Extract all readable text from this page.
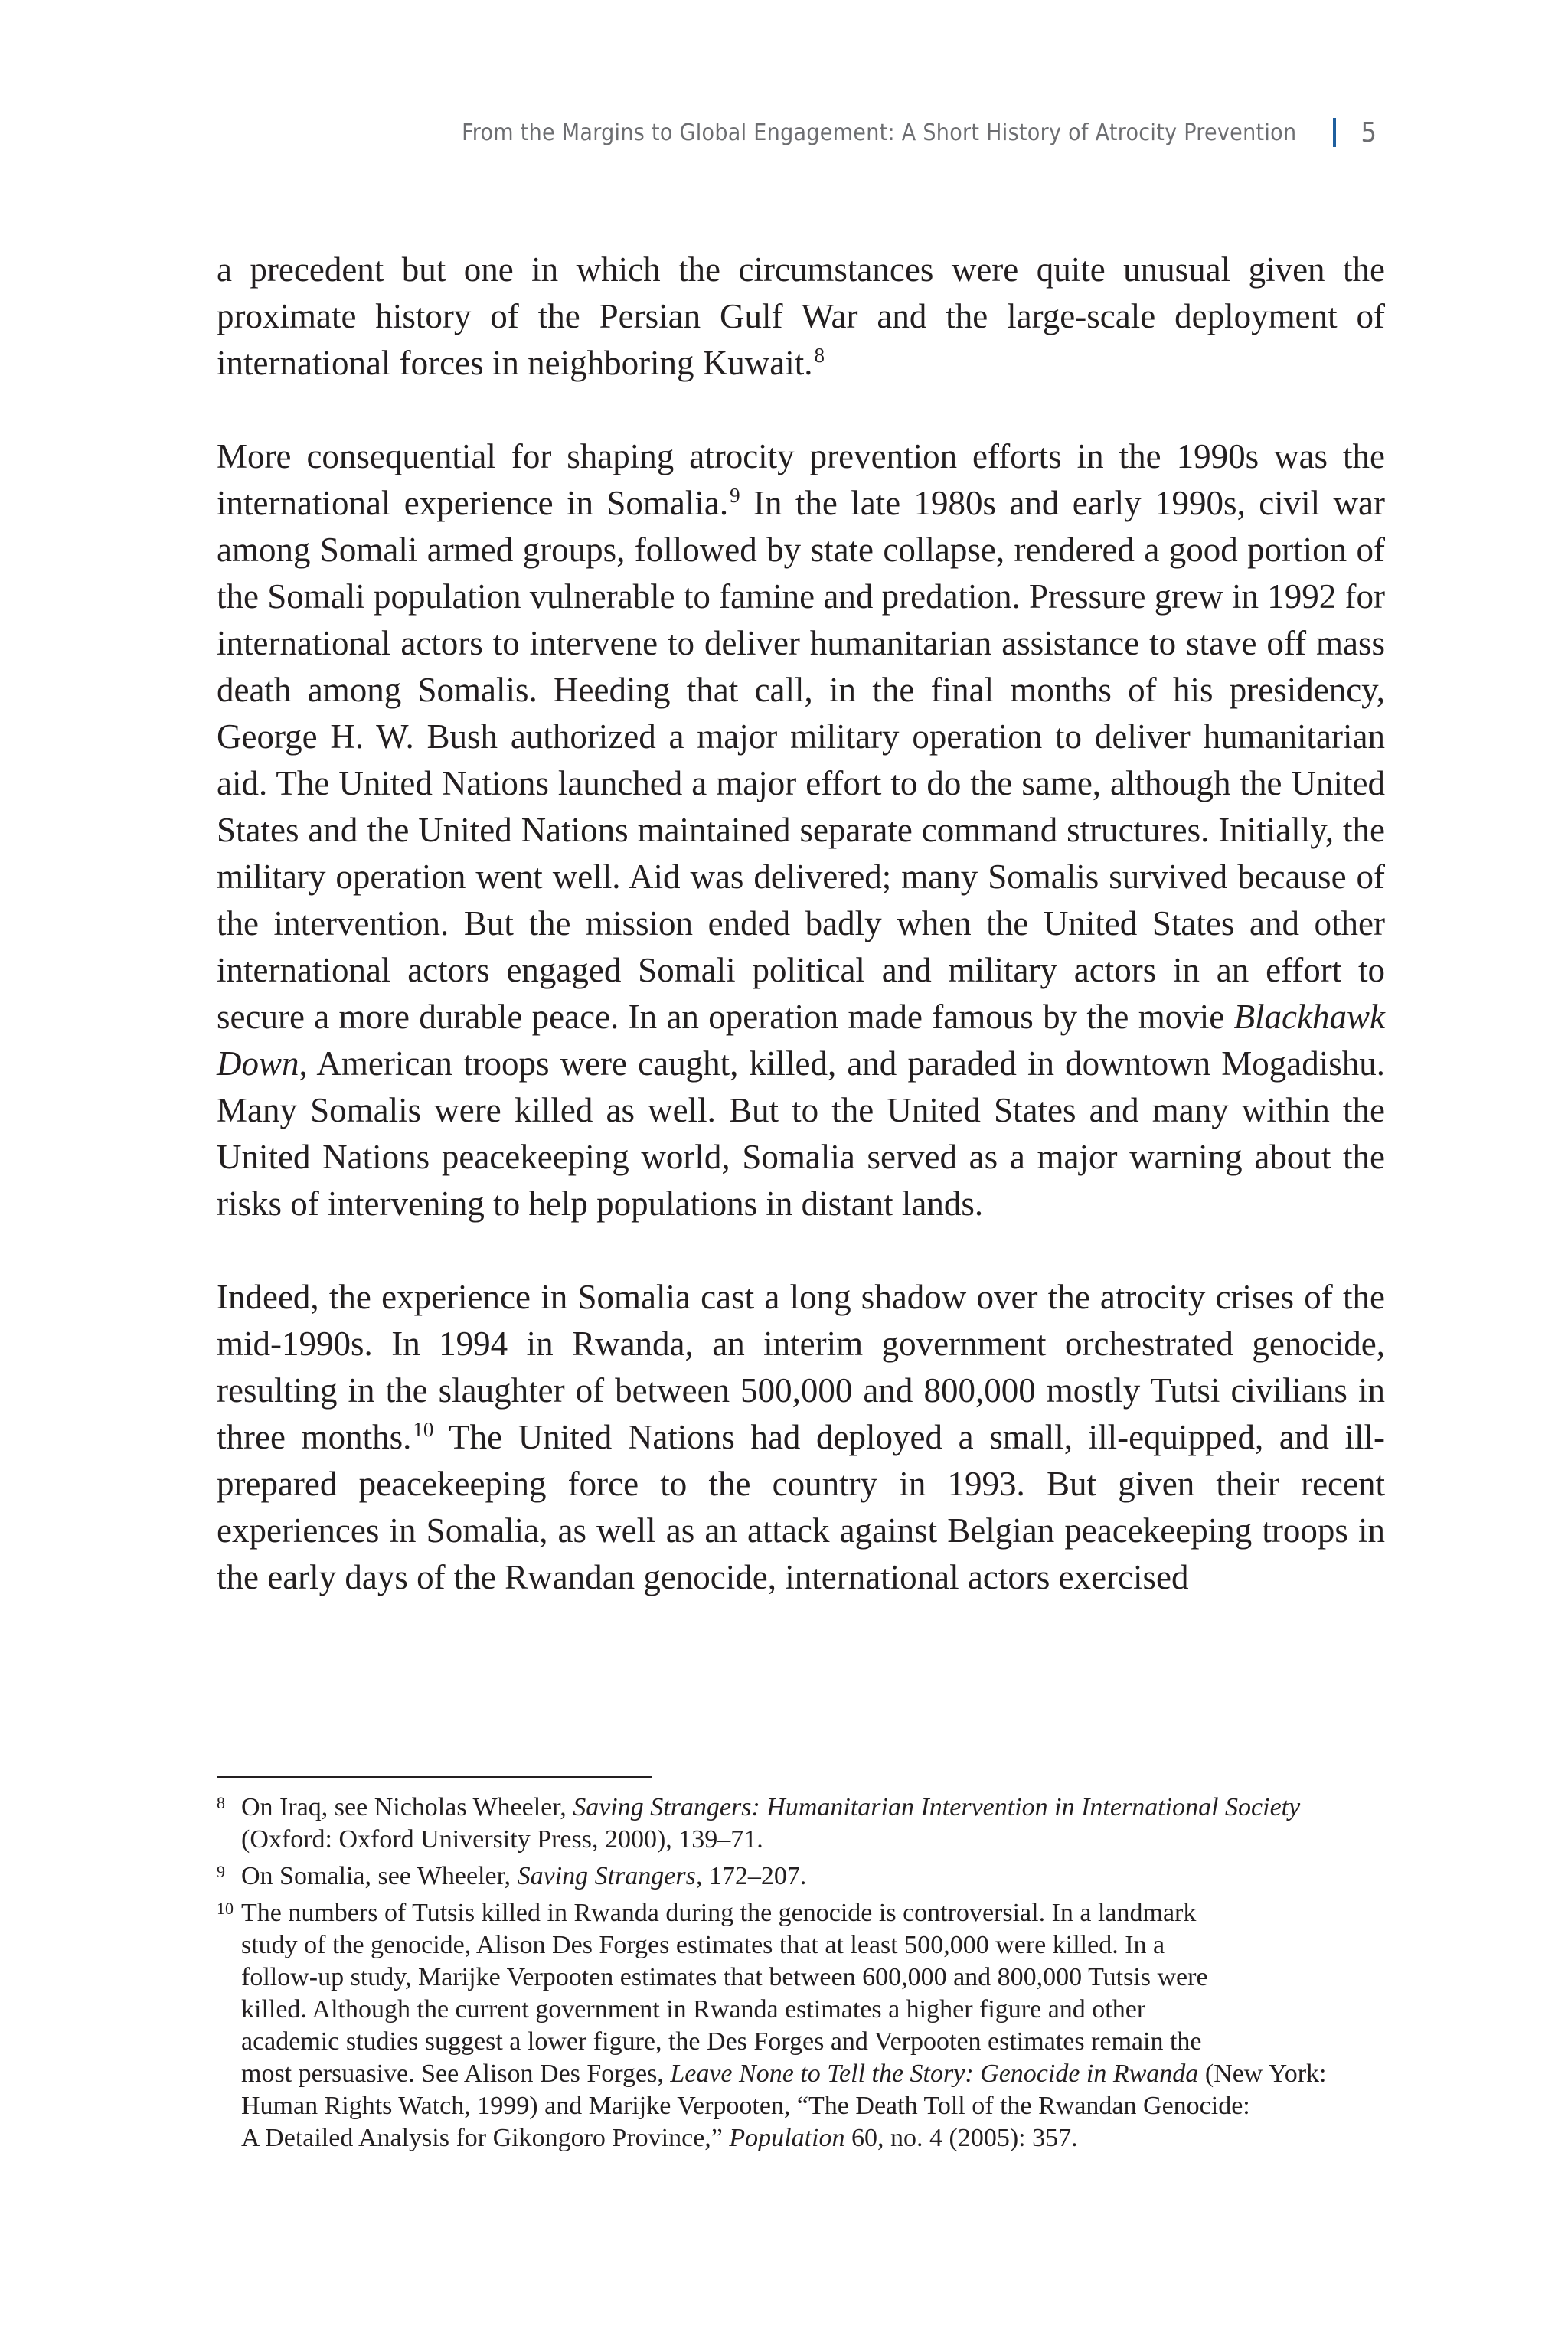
From the Margins to Global Engagement: A Short History of Atrocity Prevention 5

a precedent but one in which the circumstances were quite unusual given the proximate history of the Persian Gulf War and the large-scale deployment of international forces in neighboring Kuwait.$^8$

More consequential for shaping atrocity prevention efforts in the 1990s was the international experience in Somalia.$^9$ In the late 1980s and early 1990s, civil war among Somali armed groups, followed by state collapse, rendered a good portion of the Somali population vulnerable to famine and predation. Pressure grew in 1992 for international actors to intervene to deliver humanitarian assistance to stave off mass death among Somalis. Heeding that call, in the final months of his presidency, George H. W. Bush authorized a major military operation to deliver humanitarian aid. The United Nations launched a major effort to do the same, although the United States and the United Nations maintained separate command structures. Initially, the military operation went well. Aid was delivered; many Somalis survived because of the intervention. But the mission ended badly when the United States and other international actors engaged Somali political and military actors in an effort to secure a more durable peace. In an operation made famous by the movie Blackhawk Down, American troops were caught, killed, and paraded in downtown Mogadishu. Many Somalis were killed as well. But to the United States and many within the United Nations peacekeeping world, Somalia served as a major warning about the risks of intervening to help populations in distant lands.

Indeed, the experience in Somalia cast a long shadow over the atrocity crises of the mid-1990s. In 1994 in Rwanda, an interim government orchestrated genocide, resulting in the slaughter of between 500,000 and 800,000 mostly Tutsi civilians in three months.$^{10}$ The United Nations had deployed a small, ill-equipped, and ill-prepared peacekeeping force to the country in 1993. But given their recent experiences in Somalia, as well as an attack against Belgian peacekeeping troops in the early days of the Rwandan genocide, international actors exercised

8 On Iraq, see Nicholas Wheeler, Saving Strangers: Humanitarian Intervention in International Society
(Oxford: Oxford University Press, 2000), 139–71.
9 On Somalia, see Wheeler, Saving Strangers, 172–207.
10 The numbers of Tutsis killed in Rwanda during the genocide is controversial. In a landmark
study of the genocide, Alison Des Forges estimates that at least 500,000 were killed. In a
follow-up study, Marijke Verpooten estimates that between 600,000 and 800,000 Tutsis were
killed. Although the current government in Rwanda estimates a higher figure and other
academic studies suggest a lower figure, the Des Forges and Verpooten estimates remain the
most persuasive. See Alison Des Forges, Leave None to Tell the Story: Genocide in Rwanda (New York:
Human Rights Watch, 1999) and Marijke Verpooten, “The Death Toll of the Rwandan Genocide:
A Detailed Analysis for Gikongoro Province,” Population 60, no. 4 (2005): 357.
